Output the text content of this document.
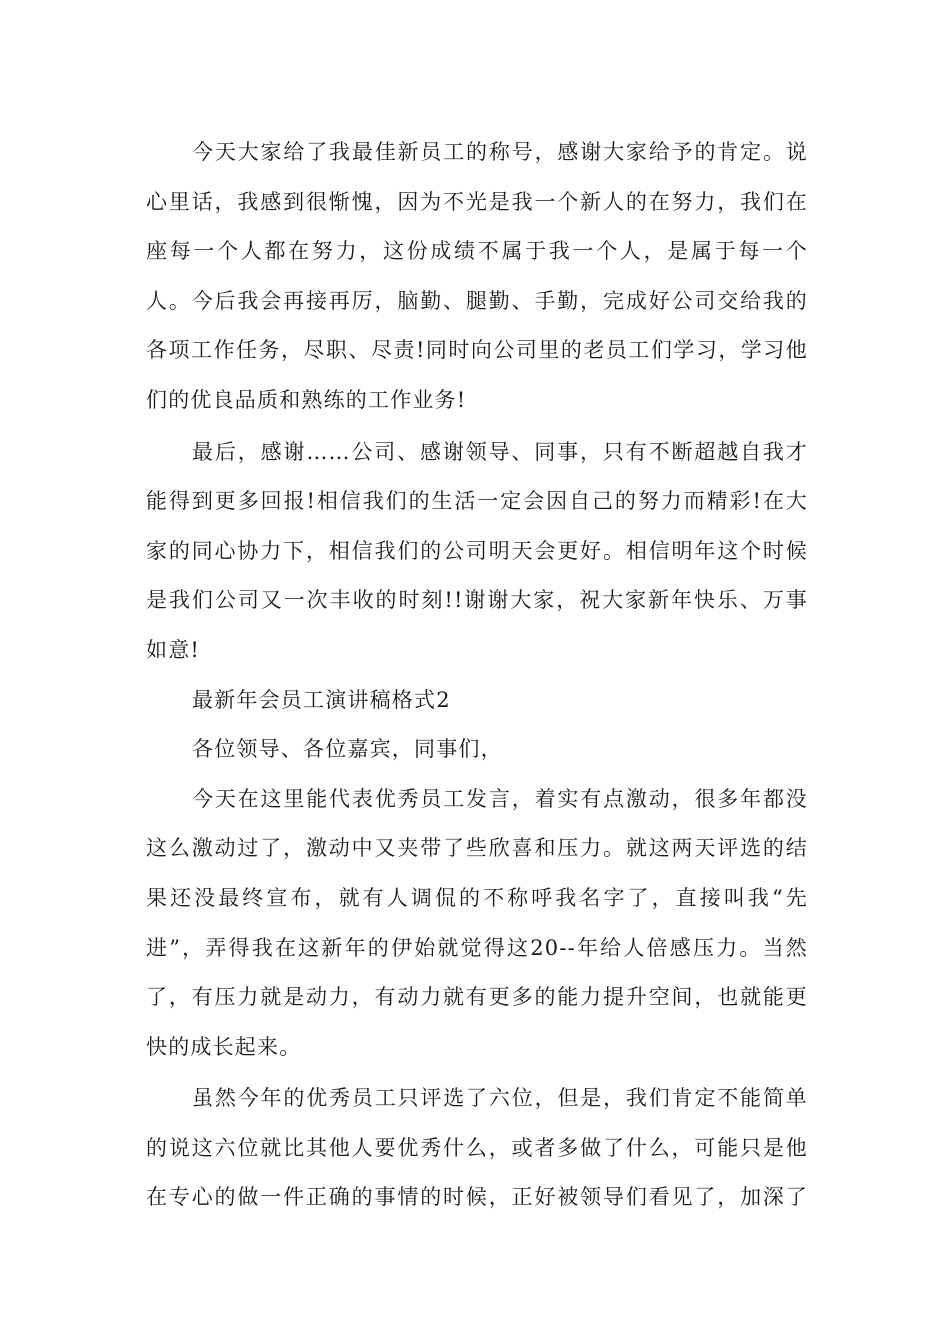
今天大家给了我最佳新员工的称号，感谢大家给予的肯定。说
心里话，我感到很惭愧，因为不光是我一个新人的在努力，我们在
座每一个人都在努力，这份成绩不属于我一个人，是属于每一个
人。今后我会再接再厉，脑勤、腿勤、手勤，完成好公司交给我的
各项工作任务，尽职、尽责!同时向公司里的老员工们学习，学习他
们的优良品质和熟练的工作业务!
最后，感谢……公司、感谢领导、同事，只有不断超越自我才
能得到更多回报!相信我们的生活一定会因自己的努力而精彩!在大
家的同心协力下，相信我们的公司明天会更好。相信明年这个时候
是我们公司又一次丰收的时刻!!谢谢大家，祝大家新年快乐、万事
如意!
最新年会员工演讲稿格式2
各位领导、各位嘉宾，同事们，
今天在这里能代表优秀员工发言，着实有点激动，很多年都没
这么激动过了，激动中又夹带了些欣喜和压力。就这两天评选的结
果还没最终宣布，就有人调侃的不称呼我名字了，直接叫我“先
进”，弄得我在这新年的伊始就觉得这20--年给人倍感压力。当然
了，有压力就是动力，有动力就有更多的能力提升空间，也就能更
快的成长起来。
虽然今年的优秀员工只评选了六位，但是，我们肯定不能简单
的说这六位就比其他人要优秀什么，或者多做了什么，可能只是他
在专心的做一件正确的事情的时候，正好被领导们看见了，加深了
